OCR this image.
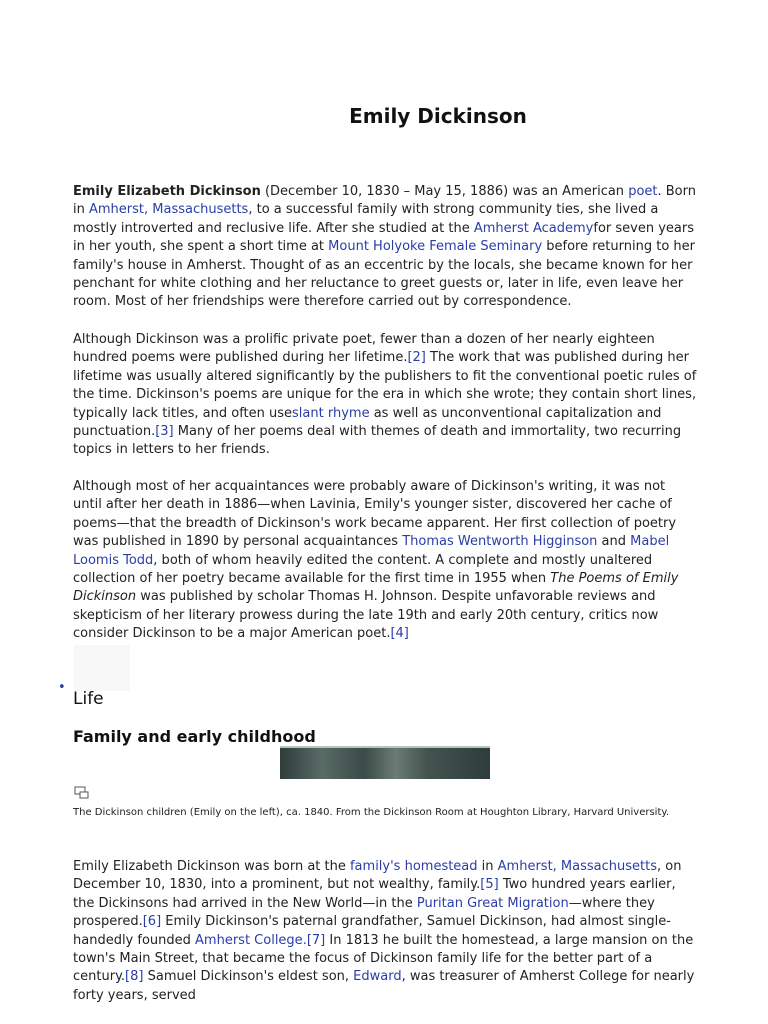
Emily Dickinson

Emily Elizabeth Dickinson (December 10, 1830 – May 15, 1886) was an American poet. Born in Amherst, Massachusetts, to a successful family with strong community ties, she lived a mostly introverted and reclusive life. After she studied at the Amherst Academyfor seven years in her youth, she spent a short time at Mount Holyoke Female Seminary before returning to her family's house in Amherst. Thought of as an eccentric by the locals, she became known for her penchant for white clothing and her reluctance to greet guests or, later in life, even leave her room. Most of her friendships were therefore carried out by correspondence.

Although Dickinson was a prolific private poet, fewer than a dozen of her nearly eighteen hundred poems were published during her lifetime.[2] The work that was published during her lifetime was usually altered significantly by the publishers to fit the conventional poetic rules of the time. Dickinson's poems are unique for the era in which she wrote; they contain short lines, typically lack titles, and often useslant rhyme as well as unconventional capitalization and punctuation.[3] Many of her poems deal with themes of death and immortality, two recurring topics in letters to her friends.

Although most of her acquaintances were probably aware of Dickinson's writing, it was not until after her death in 1886—when Lavinia, Emily's younger sister, discovered her cache of poems—that the breadth of Dickinson's work became apparent. Her first collection of poetry was published in 1890 by personal acquaintances Thomas Wentworth Higginson and Mabel Loomis Todd, both of whom heavily edited the content. A complete and mostly unaltered collection of her poetry became available for the first time in 1955 when The Poems of Emily Dickinson was published by scholar Thomas H. Johnson. Despite unfavorable reviews and skepticism of her literary prowess during the late 19th and early 20th century, critics now consider Dickinson to be a major American poet.[4]

•
Life
Family and early childhood
The Dickinson children (Emily on the left), ca. 1840. From the Dickinson Room at Houghton Library, Harvard University.

Emily Elizabeth Dickinson was born at the family's homestead in Amherst, Massachusetts, on December 10, 1830, into a prominent, but not wealthy, family.[5] Two hundred years earlier, the Dickinsons had arrived in the New World—in the Puritan Great Migration—where they prospered.[6] Emily Dickinson's paternal grandfather, Samuel Dickinson, had almost single-handedly founded Amherst College.[7] In 1813 he built the homestead, a large mansion on the town's Main Street, that became the focus of Dickinson family life for the better part of a century.[8] Samuel Dickinson's eldest son, Edward, was treasurer of Amherst College for nearly forty years, served
